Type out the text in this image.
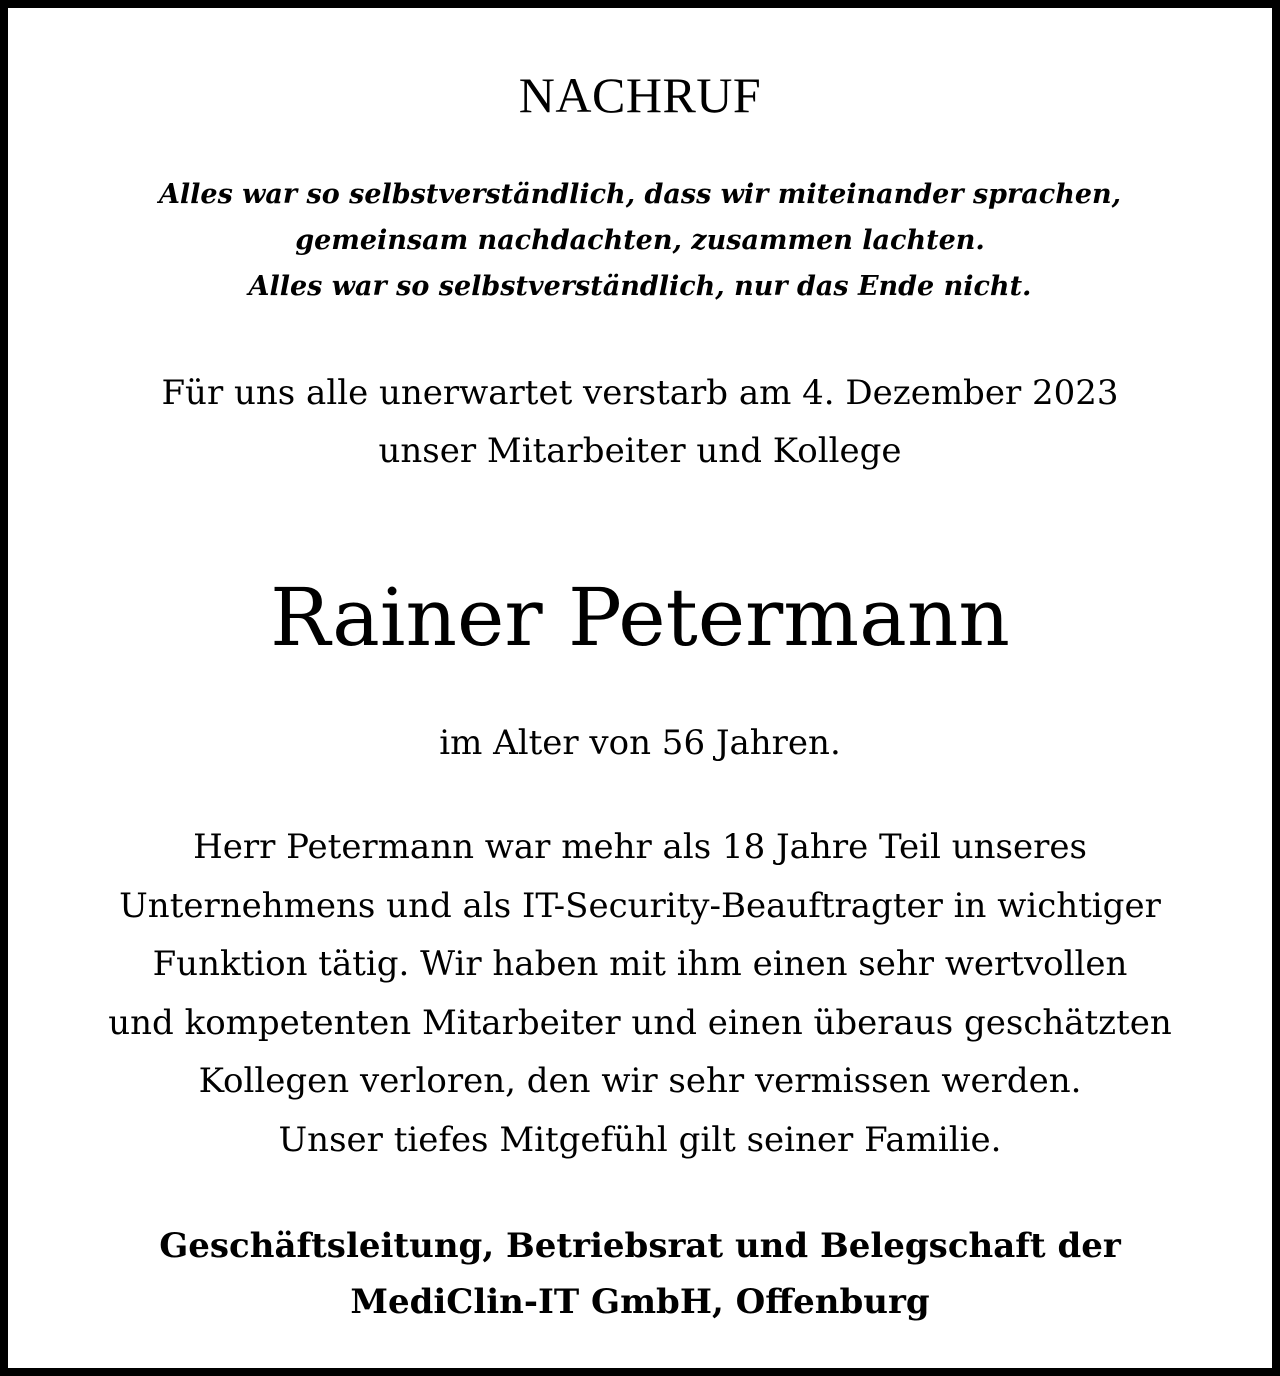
NACHRUF
Alles war so selbstverständlich, dass wir miteinander sprachen,
gemeinsam nachdachten, zusammen lachten.
Alles war so selbstverständlich, nur das Ende nicht.
Für uns alle unerwartet verstarb am 4. Dezember 2023
unser Mitarbeiter und Kollege
Rainer Petermann
im Alter von 56 Jahren.
Herr Petermann war mehr als 18 Jahre Teil unseres
Unternehmens und als IT-Security-Beauftragter in wichtiger
Funktion tätig. Wir haben mit ihm einen sehr wertvollen
und kompetenten Mitarbeiter und einen überaus geschätzten
Kollegen verloren, den wir sehr vermissen werden.
Unser tiefes Mitgefühl gilt seiner Familie.
Geschäftsleitung, Betriebsrat und Belegschaft der
MediClin-IT GmbH, Offenburg
